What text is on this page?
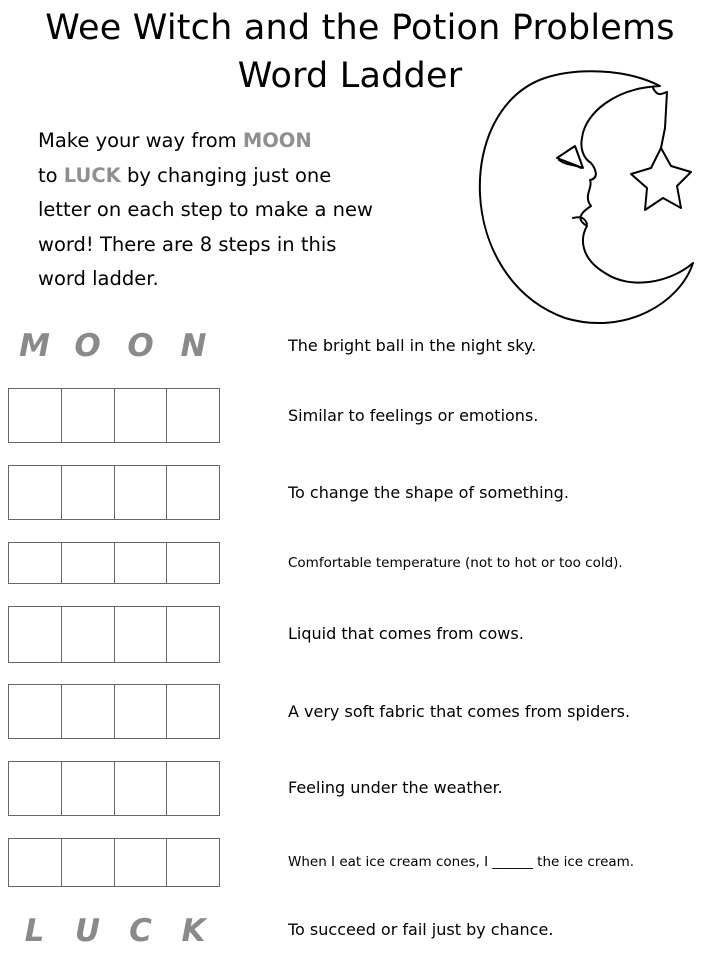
Wee Witch and the Potion Problems
Word Ladder

Make your way from MOON
to LUCK by changing just one letter on each step to make a new word! There are 8 steps in this word ladder.

M O O N	The bright ball in the night sky.
Similar to feelings or emotions.
To change the shape of something.
Comfortable temperature (not to hot or too cold).
Liquid that comes from cows.
A very soft fabric that comes from spiders.
Feeling under the weather.
When I eat ice cream cones, I ______ the ice cream.
L U C K	To succeed or fail just by chance.
